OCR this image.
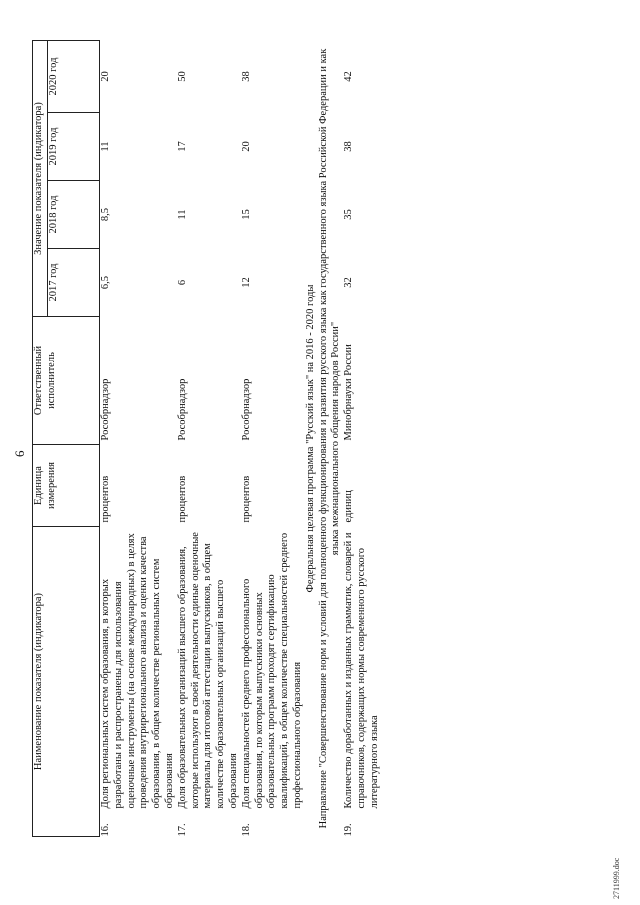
6
Наименование показателя (индикатора)		Единица измерения	Ответственный исполнитель	Значение показателя (индикатора)			
				2017 год	2018 год	2019 год	2020 год
16.	Доля региональных систем образования, в которых разработаны и распространены для использования оценочные инструменты (на основе международных) в целях проведения внутрирегионального анализа и оценки качества образования, в общем количестве региональных систем образования	процентов	Рособрнадзор	6,5	8,5	11	20
17.	Доля образовательных организаций высшего образования, которые используют в своей деятельности единые оценочные материалы для итоговой аттестации выпускников, в общем количестве образовательных организаций высшего образования	процентов	Рособрнадзор	6	11	17	50
18.	Доля специальностей среднего профессионального образования, по которым выпускники основных образовательных программ проходят сертификацию квалификаций, в общем количестве специальностей среднего профессионального образования	процентов	Рособрнадзор	12	15	20	38
Федеральная целевая программа "Русский язык" на 2016 - 2020 годы							
Направление "Совершенствование норм и условий для полноценного функционирования и развития русского языка как государственного языка Российской Федерации и как языка межнационального общения народов России"							
19.	Количество доработанных и изданных грамматик, словарей и справочников, содержащих нормы современного русского литературного языка	единиц	Минобрнауки России	32	35	38	42
2711999.doc
